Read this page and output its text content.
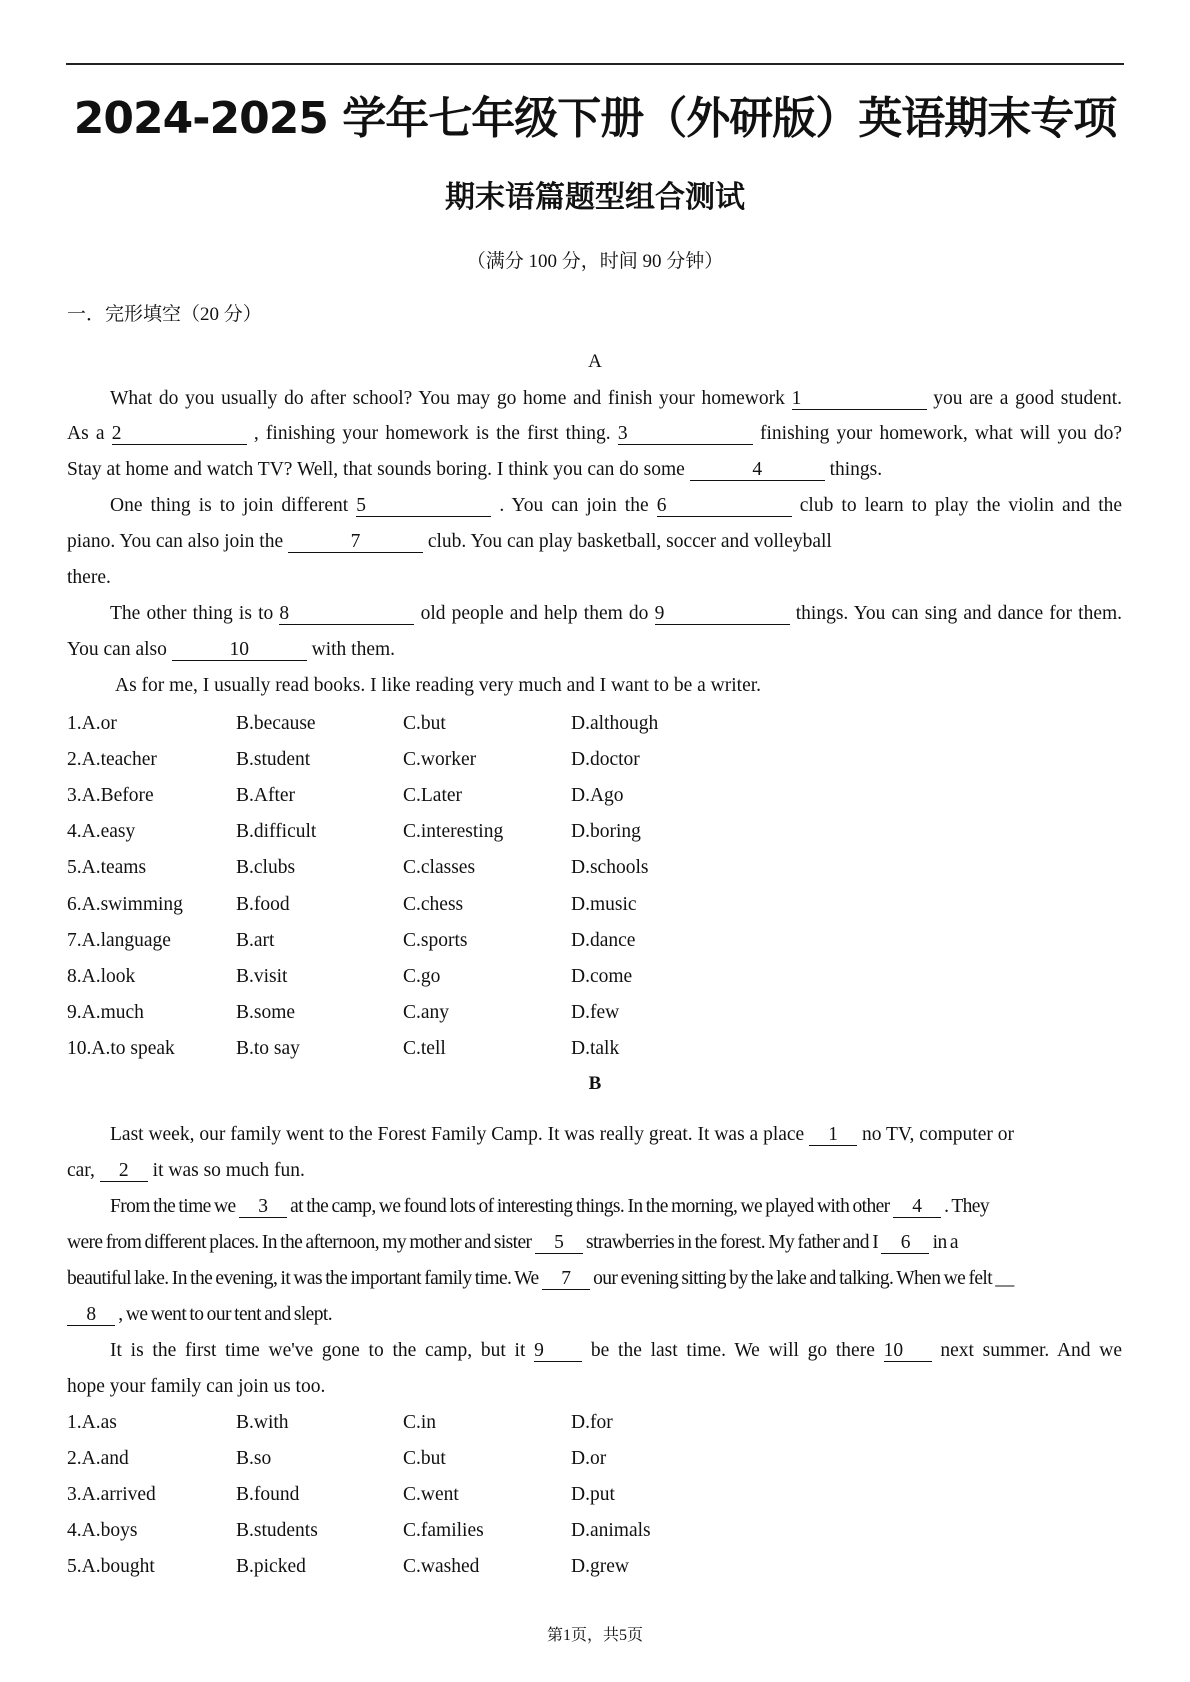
2024-2025 学年七年级下册（外研版）英语期末专项
期末语篇题型组合测试
（满分 100 分，时间 90 分钟）
一．完形填空（20 分）
A
What do you usually do after school? You may go home and finish your homework 1	you are a good student.
As a 2	, finishing your homework is the first thing. 3	finishing your homework, what will you do?
Stay at home and watch TV? Well, that sounds boring. I think you can do some	4	things.
One thing is to join different 5	. You can join the 6	club to learn to play the violin and the
piano. You can also join the	7	club. You can play basketball, soccer and volleyball
there.
The other thing is to 8	old people and help them do 9	things. You can sing and dance for them.
You can also	10	with them.
As for me, I usually read books. I like reading very much and I want to be a writer.
1.A.or	B.because	C.but	D.although
2.A.teacher	B.student	C.worker	D.doctor
3.A.Before	B.After	C.Later	D.Ago
4.A.easy	B.difficult	C.interesting	D.boring
5.A.teams	B.clubs	C.classes	D.schools
6.A.swimming	B.food	C.chess	D.music
7.A.language	B.art	C.sports	D.dance
8.A.look	B.visit	C.go	D.come
9.A.much	B.some	C.any	D.few
10.A.to speak	B.to say	C.tell	D.talk
B
Last week, our family went to the Forest Family Camp. It was really great. It was a place 1 no TV, computer or
car, 2 it was so much fun.
From the time we 3 at the camp, we found lots of interesting things. In the morning, we played with other 4 . They
were from different places. In the afternoon, my mother and sister 5 strawberries in the forest. My father and I 6 in a
beautiful lake. In the evening, it was the important family time. We 7 our evening sitting by the lake and talking. When we felt __
8 , we went to our tent and slept.
It is the first time we've gone to the camp, but it 9 be the last time. We will go there 10 next summer. And we
hope your family can join us too.
1.A.as	B.with	C.in	D.for
2.A.and	B.so	C.but	D.or
3.A.arrived	B.found	C.went	D.put
4.A.boys	B.students	C.families	D.animals
5.A.bought	B.picked	C.washed	D.grew
第1页，共5页
